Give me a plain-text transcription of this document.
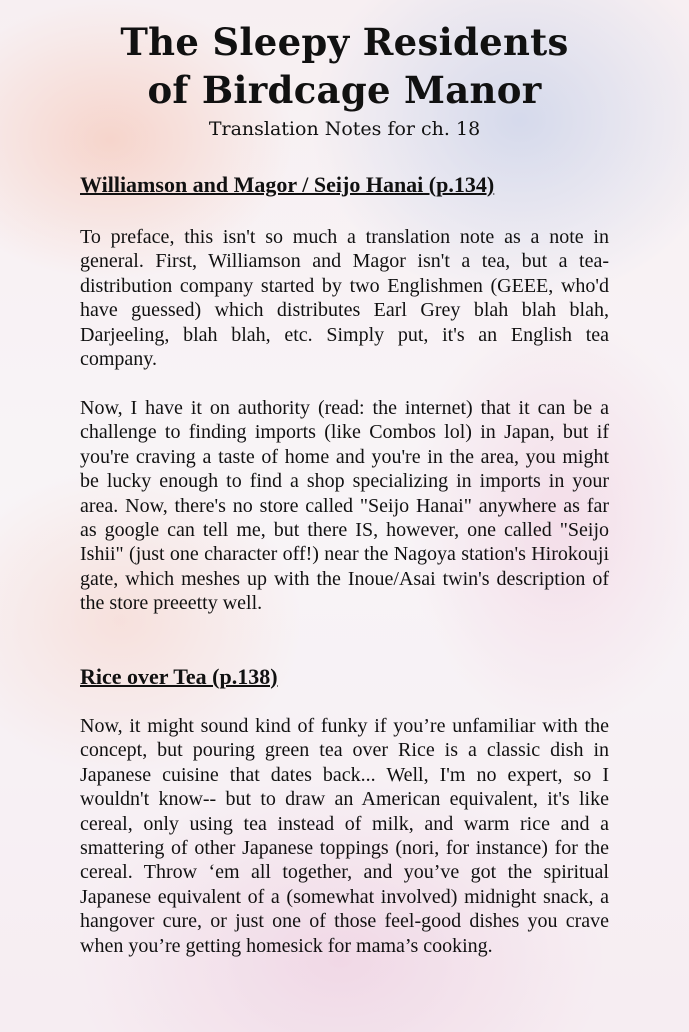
The Sleepy Residents
of Birdcage Manor
Translation Notes for ch. 18
Williamson and Magor / Seijo Hanai (p.134)

To preface, this isn't so much a translation note as a note in general. First, Williamson and Magor isn't a tea, but a tea-distribution company started by two Englishmen (GEEE, who'd have guessed) which distributes Earl Grey blah blah blah, Darjeeling, blah blah, etc. Simply put, it's an English tea company.

Now, I have it on authority (read: the internet) that it can be a challenge to finding imports (like Combos lol) in Japan, but if you're craving a taste of home and you're in the area, you might be lucky enough to find a shop specializing in imports in your area. Now, there's no store called "Seijo Hanai" anywhere as far as google can tell me, but there IS, however, one called "Seijo Ishii" (just one character off!) near the Nagoya station's Hirokouji gate, which meshes up with the Inoue/Asai twin's description of the store preeetty well.

Rice over Tea (p.138)

Now, it might sound kind of funky if you’re unfamiliar with the concept, but pouring green tea over Rice is a classic dish in Japanese cuisine that dates back... Well, I'm no expert, so I wouldn't know-- but to draw an American equivalent, it's like cereal, only using tea instead of milk, and warm rice and a smattering of other Japanese toppings (nori, for instance) for the cereal. Throw ‘em all together, and you’ve got the spiritual Japanese equivalent of a (somewhat involved) midnight snack, a hangover cure, or just one of those feel-good dishes you crave when you’re getting homesick for mama’s cooking.
